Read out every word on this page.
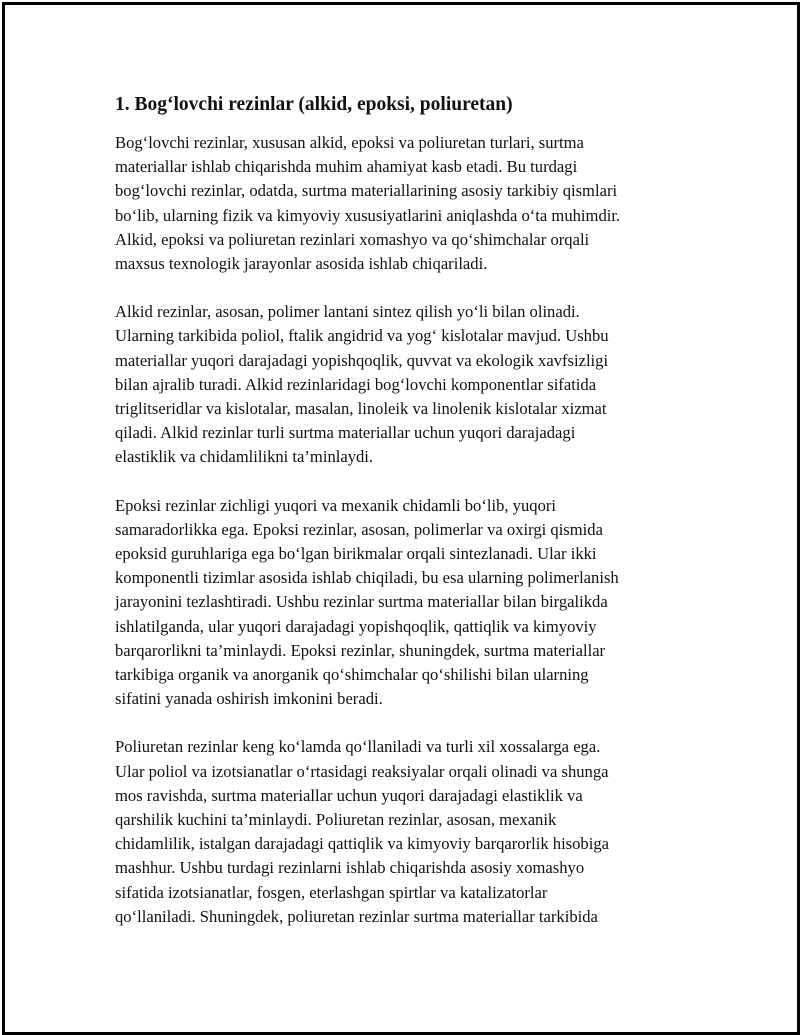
1. Bog‘lovchi rezinlar (alkid, epoksi, poliuretan)

Bog‘lovchi rezinlar, xususan alkid, epoksi va poliuretan turlari, surtma
materiallar ishlab chiqarishda muhim ahamiyat kasb etadi. Bu turdagi
bog‘lovchi rezinlar, odatda, surtma materiallarining asosiy tarkibiy qismlari
bo‘lib, ularning fizik va kimyoviy xususiyatlarini aniqlashda o‘ta muhimdir.
Alkid, epoksi va poliuretan rezinlari xomashyo va qo‘shimchalar orqali
maxsus texnologik jarayonlar asosida ishlab chiqariladi.

Alkid rezinlar, asosan, polimer lantani sintez qilish yo‘li bilan olinadi.
Ularning tarkibida poliol, ftalik angidrid va yog‘ kislotalar mavjud. Ushbu
materiallar yuqori darajadagi yopishqoqlik, quvvat va ekologik xavfsizligi
bilan ajralib turadi. Alkid rezinlaridagi bog‘lovchi komponentlar sifatida
triglitseridlar va kislotalar, masalan, linoleik va linolenik kislotalar xizmat
qiladi. Alkid rezinlar turli surtma materiallar uchun yuqori darajadagi
elastiklik va chidamlilikni ta’minlaydi.

Epoksi rezinlar zichligi yuqori va mexanik chidamli bo‘lib, yuqori
samaradorlikka ega. Epoksi rezinlar, asosan, polimerlar va oxirgi qismida
epoksid guruhlariga ega bo‘lgan birikmalar orqali sintezlanadi. Ular ikki
komponentli tizimlar asosida ishlab chiqiladi, bu esa ularning polimerlanish
jarayonini tezlashtiradi. Ushbu rezinlar surtma materiallar bilan birgalikda
ishlatilganda, ular yuqori darajadagi yopishqoqlik, qattiqlik va kimyoviy
barqarorlikni ta’minlaydi. Epoksi rezinlar, shuningdek, surtma materiallar
tarkibiga organik va anorganik qo‘shimchalar qo‘shilishi bilan ularning
sifatini yanada oshirish imkonini beradi.

Poliuretan rezinlar keng ko‘lamda qo‘llaniladi va turli xil xossalarga ega.
Ular poliol va izotsianatlar o‘rtasidagi reaksiyalar orqali olinadi va shunga
mos ravishda, surtma materiallar uchun yuqori darajadagi elastiklik va
qarshilik kuchini ta’minlaydi. Poliuretan rezinlar, asosan, mexanik
chidamlilik, istalgan darajadagi qattiqlik va kimyoviy barqarorlik hisobiga
mashhur. Ushbu turdagi rezinlarni ishlab chiqarishda asosiy xomashyo
sifatida izotsianatlar, fosgen, eterlashgan spirtlar va katalizatorlar
qo‘llaniladi. Shuningdek, poliuretan rezinlar surtma materiallar tarkibida
